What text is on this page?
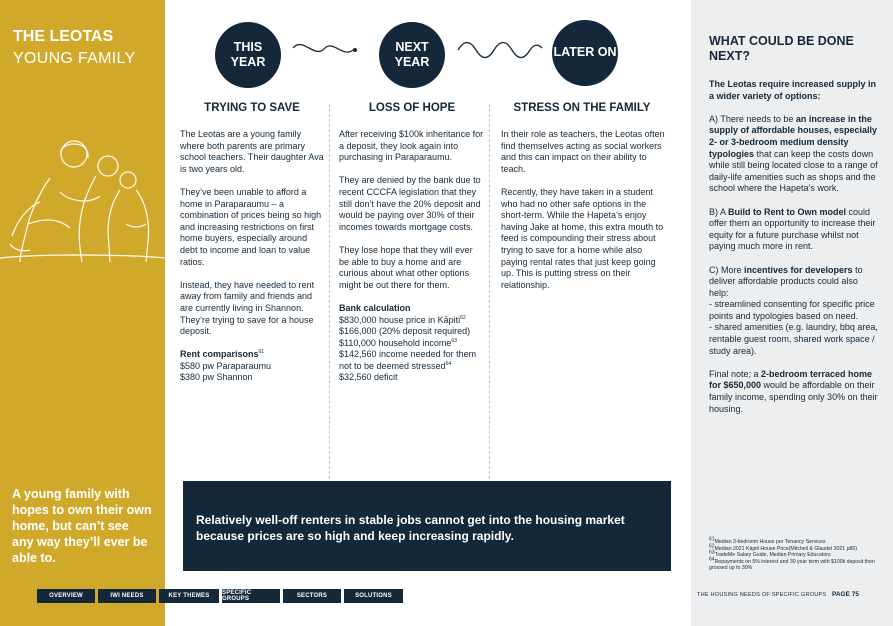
THE LEOTAS
YOUNG FAMILY
A young family with hopes to own their own home, but can’t see any way they’ll ever be able to.
THIS YEAR
NEXT YEAR
LATER ON
TRYING TO SAVE	LOSS OF HOPE	STRESS ON THE FAMILY

The Leotas are a young family where both parents are primary school teachers. Their daughter Ava is two years old.

They’ve been unable to afford a home in Paraparaumu – a combination of prices being so high and increasing restrictions on first home buyers, especially around debt to income and loan to value ratios.

Instead, they have needed to rent away from family and friends and are currently living in Shannon. They’re trying to save for a house deposit.

Rent comparisons$^{61}$
$580 pw Paraparaumu
$380 pw Shannon

After receiving $100k inheritance for a deposit, they look again into purchasing in Paraparaumu.

They are denied by the bank due to recent CCCFA legislation that they still don’t have the 20% deposit and would be paying over 30% of their incomes towards mortgage costs.

They lose hope that they will ever be able to buy a home and are curious about what other options might be out there for them.

Bank calculation
$830,000 house price in Kāpiti$^{62}$
$166,000 (20% deposit required)
$110,000 household income$^{63}$
$142,560 income needed for them
not to be deemed stressed$^{64}$
$32,560 deficit

In their role as teachers, the Leotas often find themselves acting as social workers and this can impact on their ability to teach.

Recently, they have taken in a student who had no other safe options in the short-term. While the Hapeta’s enjoy having Jake at home, this extra mouth to feed is compounding their stress about trying to save for a home while also paying rental rates that just keep going up. This is putting stress on their relationship.

Relatively well-off renters in stable jobs cannot get into the housing market because prices are so high and keep increasing rapidly.
OVERVIEW	IWI NEEDS	KEY THEMES	SPECIFIC GROUPS	SECTORS	SOLUTIONS
WHAT COULD BE DONE NEXT?

The Leotas require increased supply in a wider variety of options:

A) There needs to be an increase in the supply of affordable houses, especially 2- or 3-bedroom medium density typologies that can keep the costs down while still being located close to a range of daily-life amenities such as shops and the school where the Hapeta’s work.

B) A Build to Rent to Own model could offer them an opportunity to increase their equity for a future purchase whilst not paying much more in rent.

C) More incentives for developers to deliver affordable products could also help:

- streamlined consenting for specific price points and typologies based on need.

- shared amenities (e.g. laundry, bbq area, rentable guest room, shared work space / study area).

Final note; a 2-bedroom terraced home for $650,000 would be affordable on their family income, spending only 30% on their housing.

$^{61}$Median 3-bedroom House per Tenancy Services
$^{62}$Median 2021 Kāpiti House Price(Mitchell & Glaudel 2021 p86)
$^{63}$TradeMe Salary Guide, Median Primary Educators
$^{64}$Repayments on 5% interest and 30 year term with $100k deposit then grossed up to 30%
THE HOUSING NEEDS OF SPECIFIC GROUPS PAGE 75
